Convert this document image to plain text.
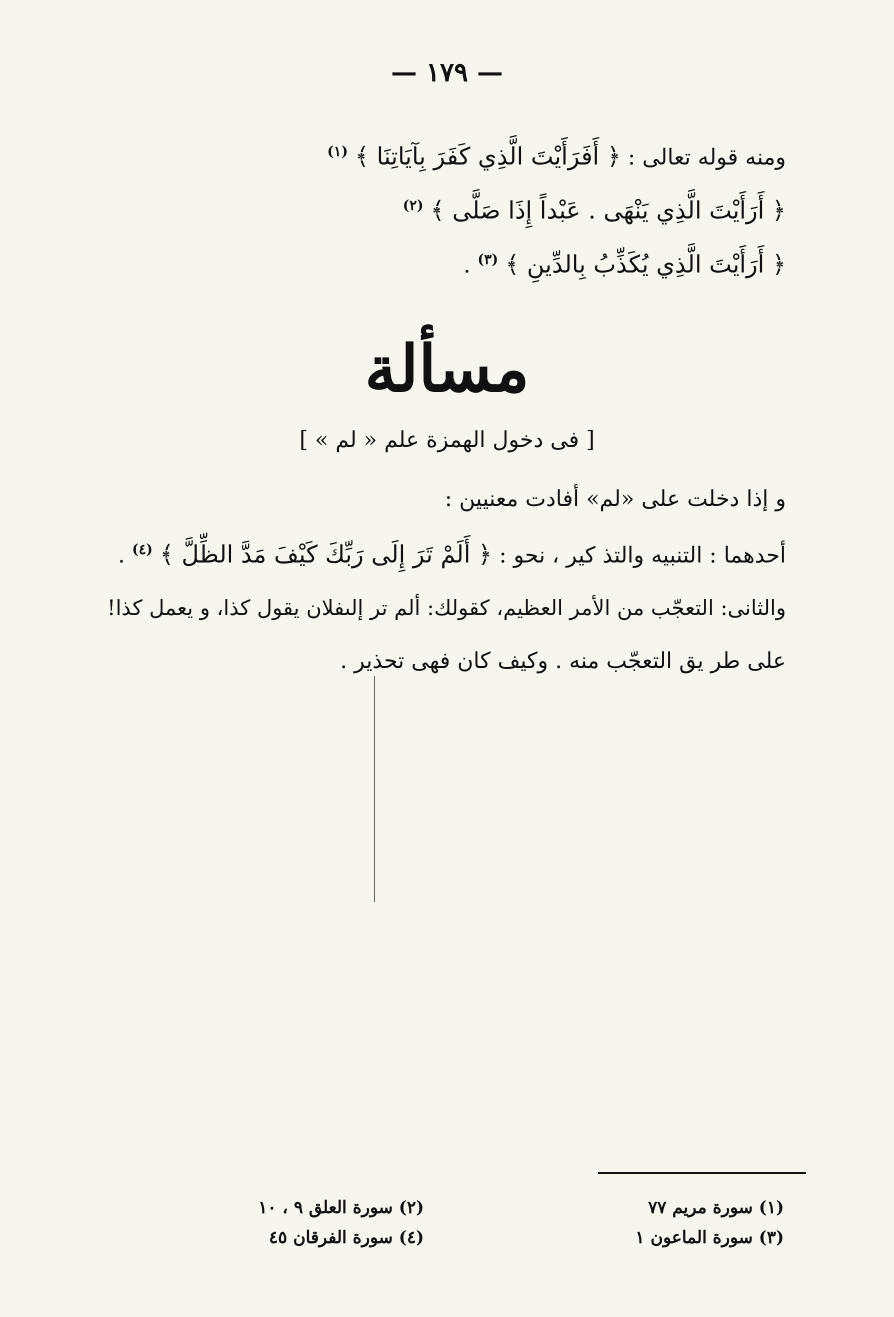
— ١٧٩ —
ومنه قوله تعالى : ﴿ أَفَرَأَيْتَ الَّذِي كَفَرَ بِآيَاتِنَا ﴾ $^{(١)}$
﴿ أَرَأَيْتَ الَّذِي يَنْهَى . عَبْداً إِذَا صَلَّى ﴾ $^{(٢)}$
﴿ أَرَأَيْتَ الَّذِي يُكَذِّبُ بِالدِّينِ ﴾ $^{(٣)}$ .
مسألة
[ فى دخول الهمزة علم « لم » ]
و إذا دخلت على «لم» أفادت معنيين :
أحدهما : التنبيه والتذ كير ، نحو : ﴿ أَلَمْ تَرَ إِلَى رَبِّكَ كَيْفَ مَدَّ الظِّلَّ ﴾ $^{(٤)}$ .
والثانى: التعجّب من الأمر العظيم، كقولك: ألم تر إلىفلان يقول كذا، و يعمل كذا!
على طر يق التعجّب منه . وكيف كان فهى تحذير .
(١) سورة مريم ٧٧
(٢) سورة العلق ٩ ، ١٠
(٣) سورة الماعون ١
(٤) سورة الفرقان ٤٥
